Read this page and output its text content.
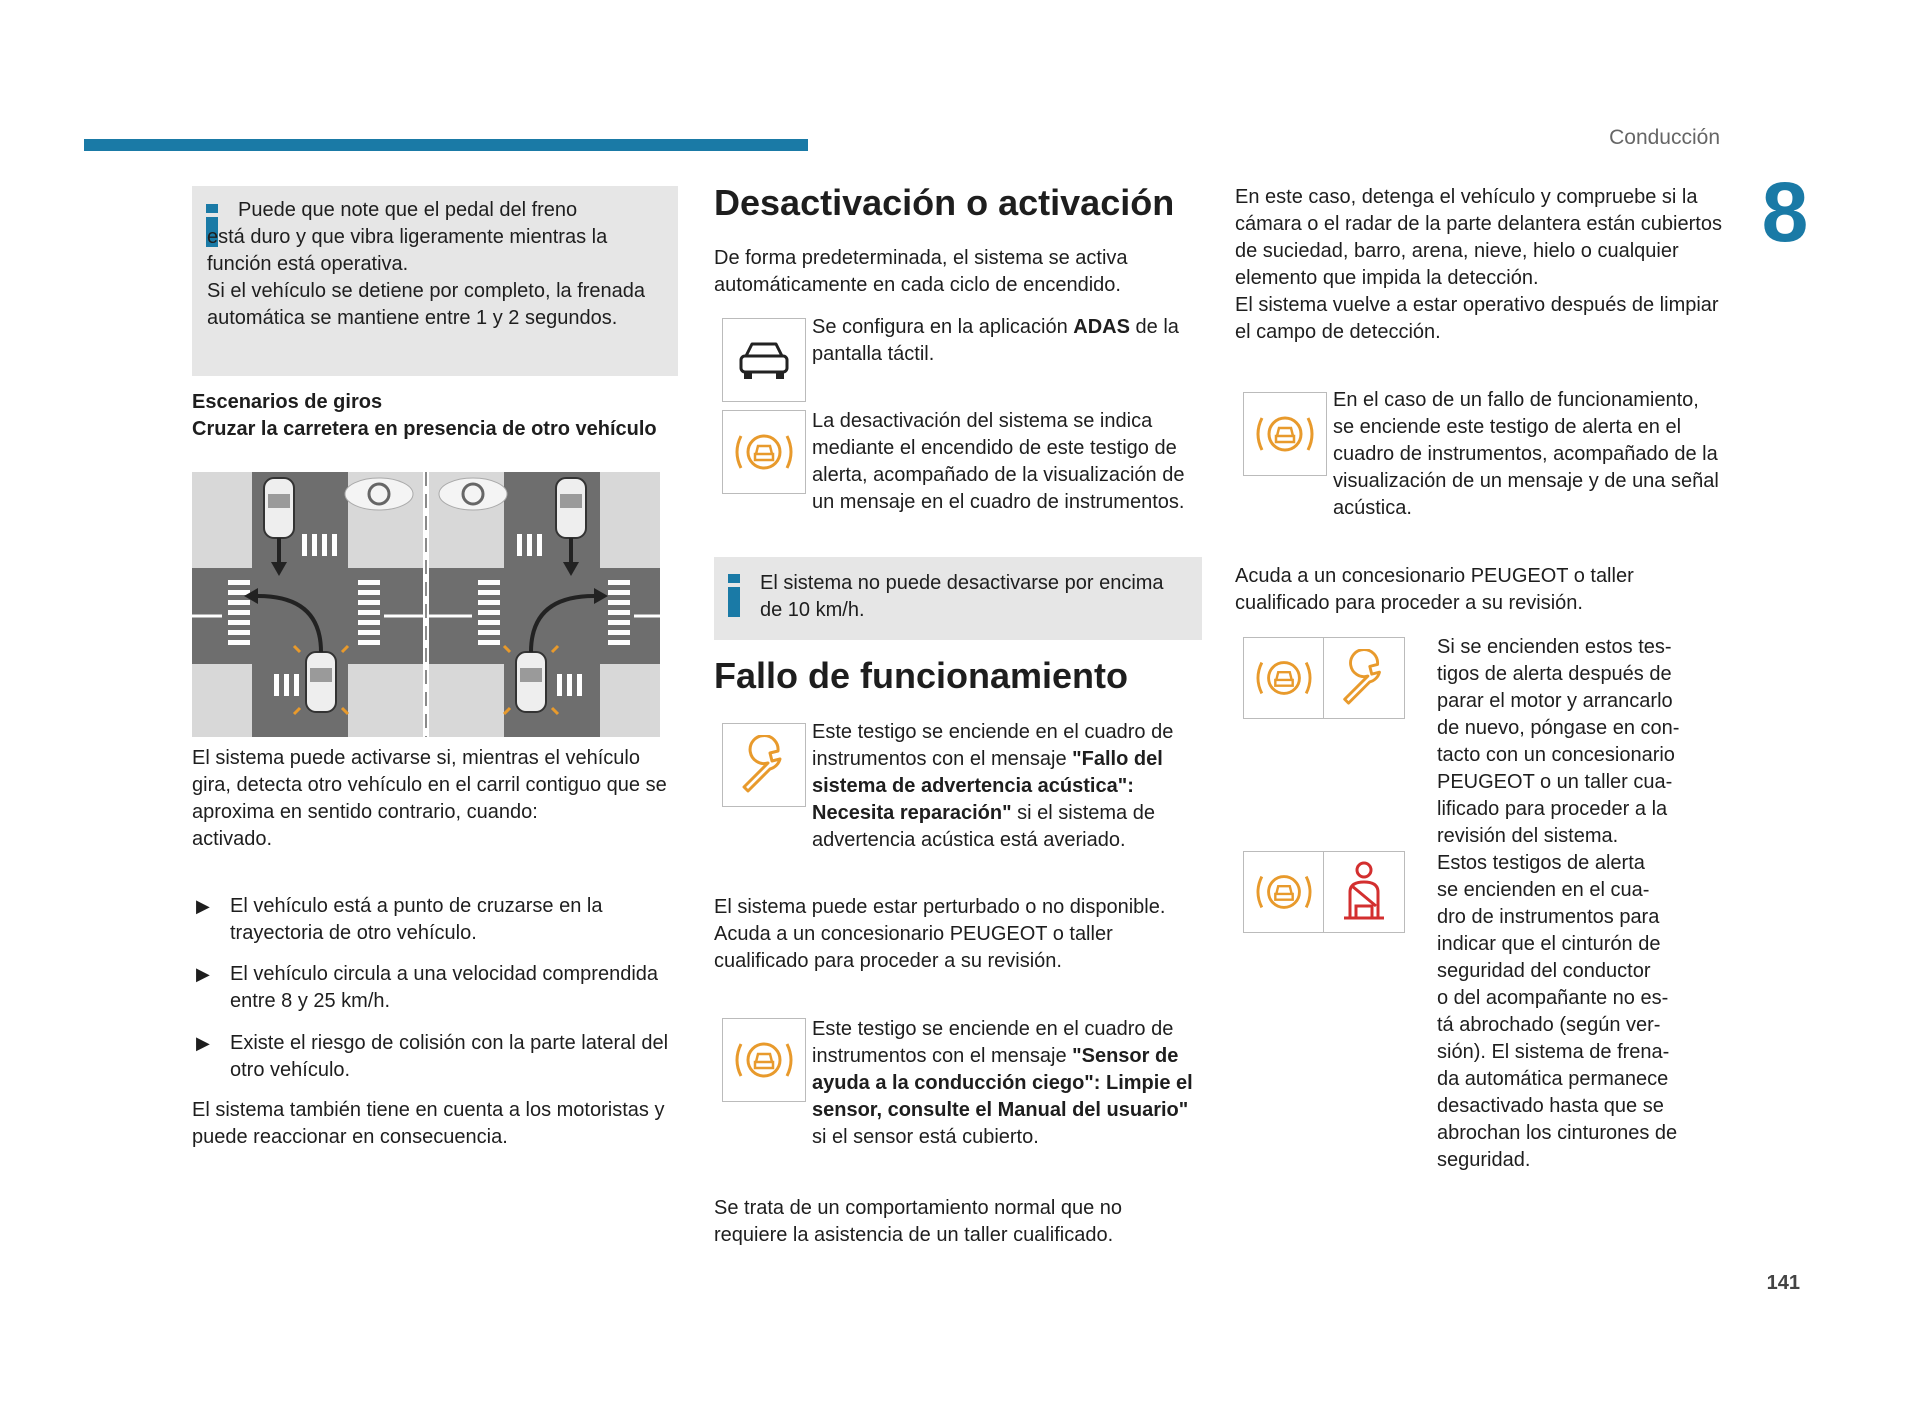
Conducción
8
Puede que note que el pedal del freno

está duro y que vibra ligeramente mientras la función está operativa.

Si el vehículo se detiene por completo, la frenada automática se mantiene entre 1 y 2 segundos.

Escenarios de giros
Cruzar la carretera en presencia de otro vehículo

El sistema puede activarse si, mientras el vehículo gira, detecta otro vehículo en el carril contiguo que se aproxima en sentido contrario, cuando:

activado.

▶ El vehículo está a punto de cruzarse en la trayectoria de otro vehículo.
▶ El vehículo circula a una velocidad comprendida entre 8 y 25 km/h.
▶ Existe el riesgo de colisión con la parte lateral del otro vehículo.
El sistema también tiene en cuenta a los motoristas y puede reaccionar en consecuencia.
Desactivación o activación
De forma predeterminada, el sistema se activa automáticamente en cada ciclo de encendido.
Se configura en la aplicación ADAS de la pantalla táctil.
La desactivación del sistema se indica mediante el encendido de este testigo de alerta, acompañado de la visualización de un mensaje en el cuadro de instrumentos.
El sistema no puede desactivarse por encima de 10 km/h.
Fallo de funcionamiento
Este testigo se enciende en el cuadro de instrumentos con el mensaje "Fallo del sistema de advertencia acústica": Necesita reparación" si el sistema de advertencia acústica está averiado.

El sistema puede estar perturbado o no disponible.

Acuda a un concesionario PEUGEOT o taller cualificado para proceder a su revisión.

Este testigo se enciende en el cuadro de instrumentos con el mensaje "Sensor de ayuda a la conducción ciego": Limpie el sensor, consulte el Manual del usuario" si el sensor está cubierto.
Se trata de un comportamiento normal que no requiere la asistencia de un taller cualificado.

En este caso, detenga el vehículo y compruebe si la cámara o el radar de la parte delantera están cubiertos de suciedad, barro, arena, nieve, hielo o cualquier elemento que impida la detección.

El sistema vuelve a estar operativo después de limpiar el campo de detección.

En el caso de un fallo de funcionamiento, se enciende este testigo de alerta en el cuadro de instrumentos, acompañado de la visualización de un mensaje y de una señal acústica.
Acuda a un concesionario PEUGEOT o taller cualificado para proceder a su revisión.

Si se encienden estos tes-

tigos de alerta después de

parar el motor y arrancarlo

de nuevo, póngase en con-

tacto con un concesionario

PEUGEOT o un taller cua-

lificado para proceder a la

revisión del sistema.

Estos testigos de alerta

se encienden en el cua-

dro de instrumentos para

indicar que el cinturón de

seguridad del conductor

o del acompañante no es-

tá abrochado (según ver-

sión). El sistema de frena-

da automática permanece

desactivado hasta que se

abrochan los cinturones de

seguridad.

141
